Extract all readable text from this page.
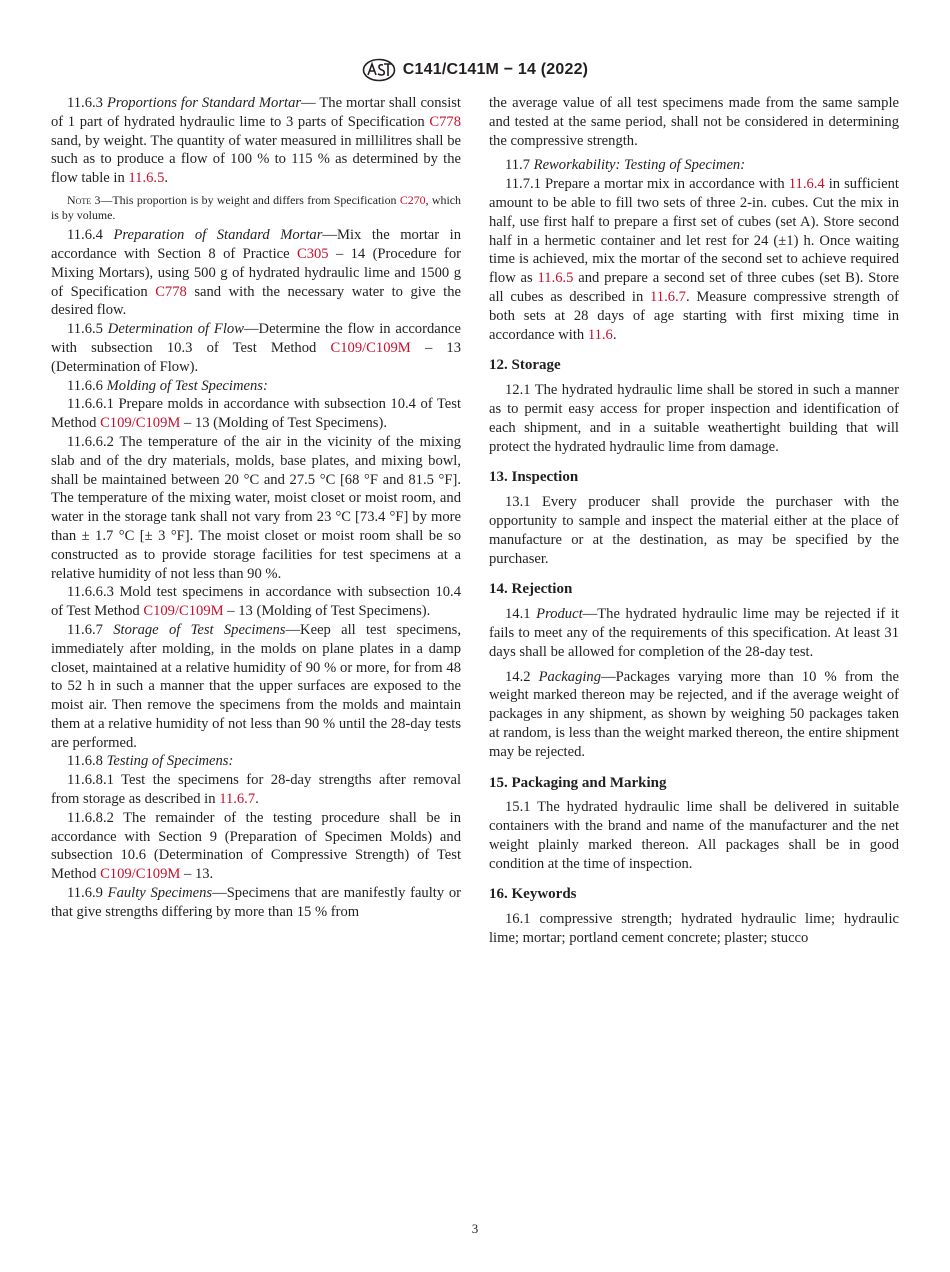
C141/C141M − 14 (2022)

11.6.3 Proportions for Standard Mortar— The mortar shall consist of 1 part of hydrated hydraulic lime to 3 parts of Specification C778 sand, by weight. The quantity of water measured in millilitres shall be such as to produce a flow of 100 % to 115 % as determined by the flow table in 11.6.5.

Note 3—This proportion is by weight and differs from Specification C270, which is by volume.

11.6.4 Preparation of Standard Mortar—Mix the mortar in accordance with Section 8 of Practice C305 – 14 (Procedure for Mixing Mortars), using 500 g of hydrated hydraulic lime and 1500 g of Specification C778 sand with the necessary water to give the desired flow.

11.6.5 Determination of Flow—Determine the flow in accordance with subsection 10.3 of Test Method C109/C109M – 13 (Determination of Flow).

11.6.6 Molding of Test Specimens:

11.6.6.1 Prepare molds in accordance with subsection 10.4 of Test Method C109/C109M – 13 (Molding of Test Specimens).

11.6.6.2 The temperature of the air in the vicinity of the mixing slab and of the dry materials, molds, base plates, and mixing bowl, shall be maintained between 20 °C and 27.5 °C [68 °F and 81.5 °F]. The temperature of the mixing water, moist closet or moist room, and water in the storage tank shall not vary from 23 °C [73.4 °F] by more than ± 1.7 °C [± 3 °F]. The moist closet or moist room shall be so constructed as to provide storage facilities for test specimens at a relative humidity of not less than 90 %.

11.6.6.3 Mold test specimens in accordance with subsection 10.4 of Test Method C109/C109M – 13 (Molding of Test Specimens).

11.6.7 Storage of Test Specimens—Keep all test specimens, immediately after molding, in the molds on plane plates in a damp closet, maintained at a relative humidity of 90 % or more, for from 48 to 52 h in such a manner that the upper surfaces are exposed to the moist air. Then remove the specimens from the molds and maintain them at a relative humidity of not less than 90 % until the 28-day tests are performed.

11.6.8 Testing of Specimens:

11.6.8.1 Test the specimens for 28-day strengths after removal from storage as described in 11.6.7.

11.6.8.2 The remainder of the testing procedure shall be in accordance with Section 9 (Preparation of Specimen Molds) and subsection 10.6 (Determination of Compressive Strength) of Test Method C109/C109M – 13.

11.6.9 Faulty Specimens—Specimens that are manifestly faulty or that give strengths differing by more than 15 % from

the average value of all test specimens made from the same sample and tested at the same period, shall not be considered in determining the compressive strength.

11.7 Reworkability: Testing of Specimen:

11.7.1 Prepare a mortar mix in accordance with 11.6.4 in sufficient amount to be able to fill two sets of three 2-in. cubes. Cut the mix in half, use first half to prepare a first set of cubes (set A). Store second half in a hermetic container and let rest for 24 (±1) h. Once waiting time is achieved, mix the mortar of the second set to achieve required flow as 11.6.5 and prepare a second set of three cubes (set B). Store all cubes as described in 11.6.7. Measure compressive strength of both sets at 28 days of age starting with first mixing time in accordance with 11.6.

12. Storage

12.1 The hydrated hydraulic lime shall be stored in such a manner as to permit easy access for proper inspection and identification of each shipment, and in a suitable weathertight building that will protect the hydrated hydraulic lime from damage.

13. Inspection

13.1 Every producer shall provide the purchaser with the opportunity to sample and inspect the material either at the place of manufacture or at the destination, as may be specified by the purchaser.

14. Rejection

14.1 Product—The hydrated hydraulic lime may be rejected if it fails to meet any of the requirements of this specification. At least 31 days shall be allowed for completion of the 28-day test.

14.2 Packaging—Packages varying more than 10 % from the weight marked thereon may be rejected, and if the average weight of packages in any shipment, as shown by weighing 50 packages taken at random, is less than the weight marked thereon, the entire shipment may be rejected.

15. Packaging and Marking

15.1 The hydrated hydraulic lime shall be delivered in suitable containers with the brand and name of the manufacturer and the net weight plainly marked thereon. All packages shall be in good condition at the time of inspection.

16. Keywords

16.1 compressive strength; hydrated hydraulic lime; hydraulic lime; mortar; portland cement concrete; plaster; stucco

3
